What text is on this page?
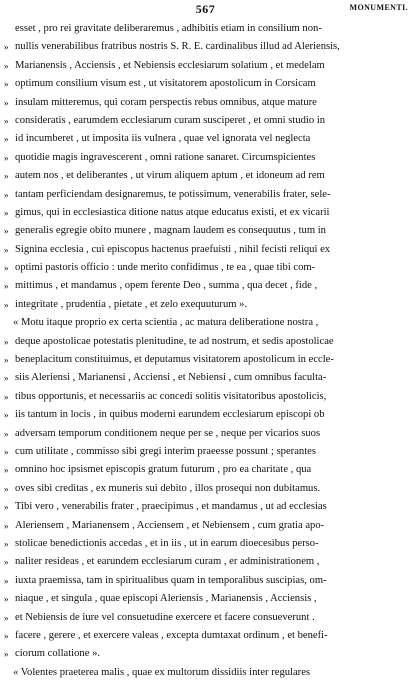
567	MONUMENTI.
esset , pro rei gravitate deliberaremus , adhibitis etiam in consilium non-
» nullis venerabilibus fratribus nostris S. R. E. cardinalibus illud ad Aleriensis,
» Marianensis , Acciensis , et Nebiensis ecclesiarum solatium , et medelam
» optimum consilium visum est , ut visitatorem apostolicum in Corsicam
» insulam mitteremus, qui coram perspectis rebus omnibus, atque mature
» consideratis , earumdem ecclesiarum curam susciperet , et omni studio in
» id incumberet , ut imposita iis vulnera , quae vel ignorata vel neglecta
» quotidie magis ingravescerent , omni ratione sanaret. Circumspicientes
» autem nos , et deliberantes , ut virum aliquem aptum , et idoneum ad rem
» tantam perficiendam designaremus, te potissimum, venerabilis frater, sele-
» gimus, qui in ecclesiastica ditione natus atque educatus existi, et ex vicarii
» generalis egregie obito munere , magnam laudem es consequutus , tum in
» Signina ecclesia , cui episcopus hactenus praefuisti , nihil fecisti reliqui ex
» optimi pastoris officio : unde merito confidimus , te ea , quae tibi com-
» mittimus , et mandamus , opem ferente Deo , summa , qua decet , fide ,
» integritate , prudentia , pietate , et zelo exequuturum ».
« Motu itaque proprio ex certa scientia , ac matura deliberatione nostra ,
» deque apostolicae potestatis plenitudine, te ad nostrum, et sedis apostolicae
» beneplacitum constituimus, et deputamus visitatorem apostolicum in eccle-
» siis Aleriensi , Marianensi , Acciensi , et Nebiensi , cum omnibus faculta-
» tibus opportunis, et necessariis ac concedi solitis visitatoribus apostolicis,
» iis tantum in locis , in quibus moderni earundem ecclesiarum episcopi ob
» adversam temporum conditionem neque per se , neque per vicarios suos
» cum utilitate , commisso sibi gregi interim praeesse possunt ; sperantes
» omnino hoc ipsismet episcopis gratum futurum , pro ea charitate , qua
» oves sibi creditas , ex muneris sui debito , illos prosequi non dubitamus.
» Tibi vero , venerabilis frater , praecipimus , et mandamus , ut ad ecclesias
» Aleriensem , Marianensem , Acciensem , et Nebiensem , cum gratia apo-
» stolicae benedictionis accedas , et in iis , ut in earum dioecesibus perso-
» naliter resideas , et earundem ecclesiarum curam , er administrationem ,
» iuxta praemissa, tam in spiritualibus quam in temporalibus suscipias, om-
» niaque , et singula , quae episcopi Aleriensis , Marianensis , Acciensis ,
» et Nebiensis de iure vel consuetudine exercere et facere consueverunt .
» facere , gerere , et exercere valeas , excepta dumtaxat ordinum , et benefi-
» ciorum collatione ».
« Volentes praeterea malis , quae ex multorum dissidiis inter regulares
